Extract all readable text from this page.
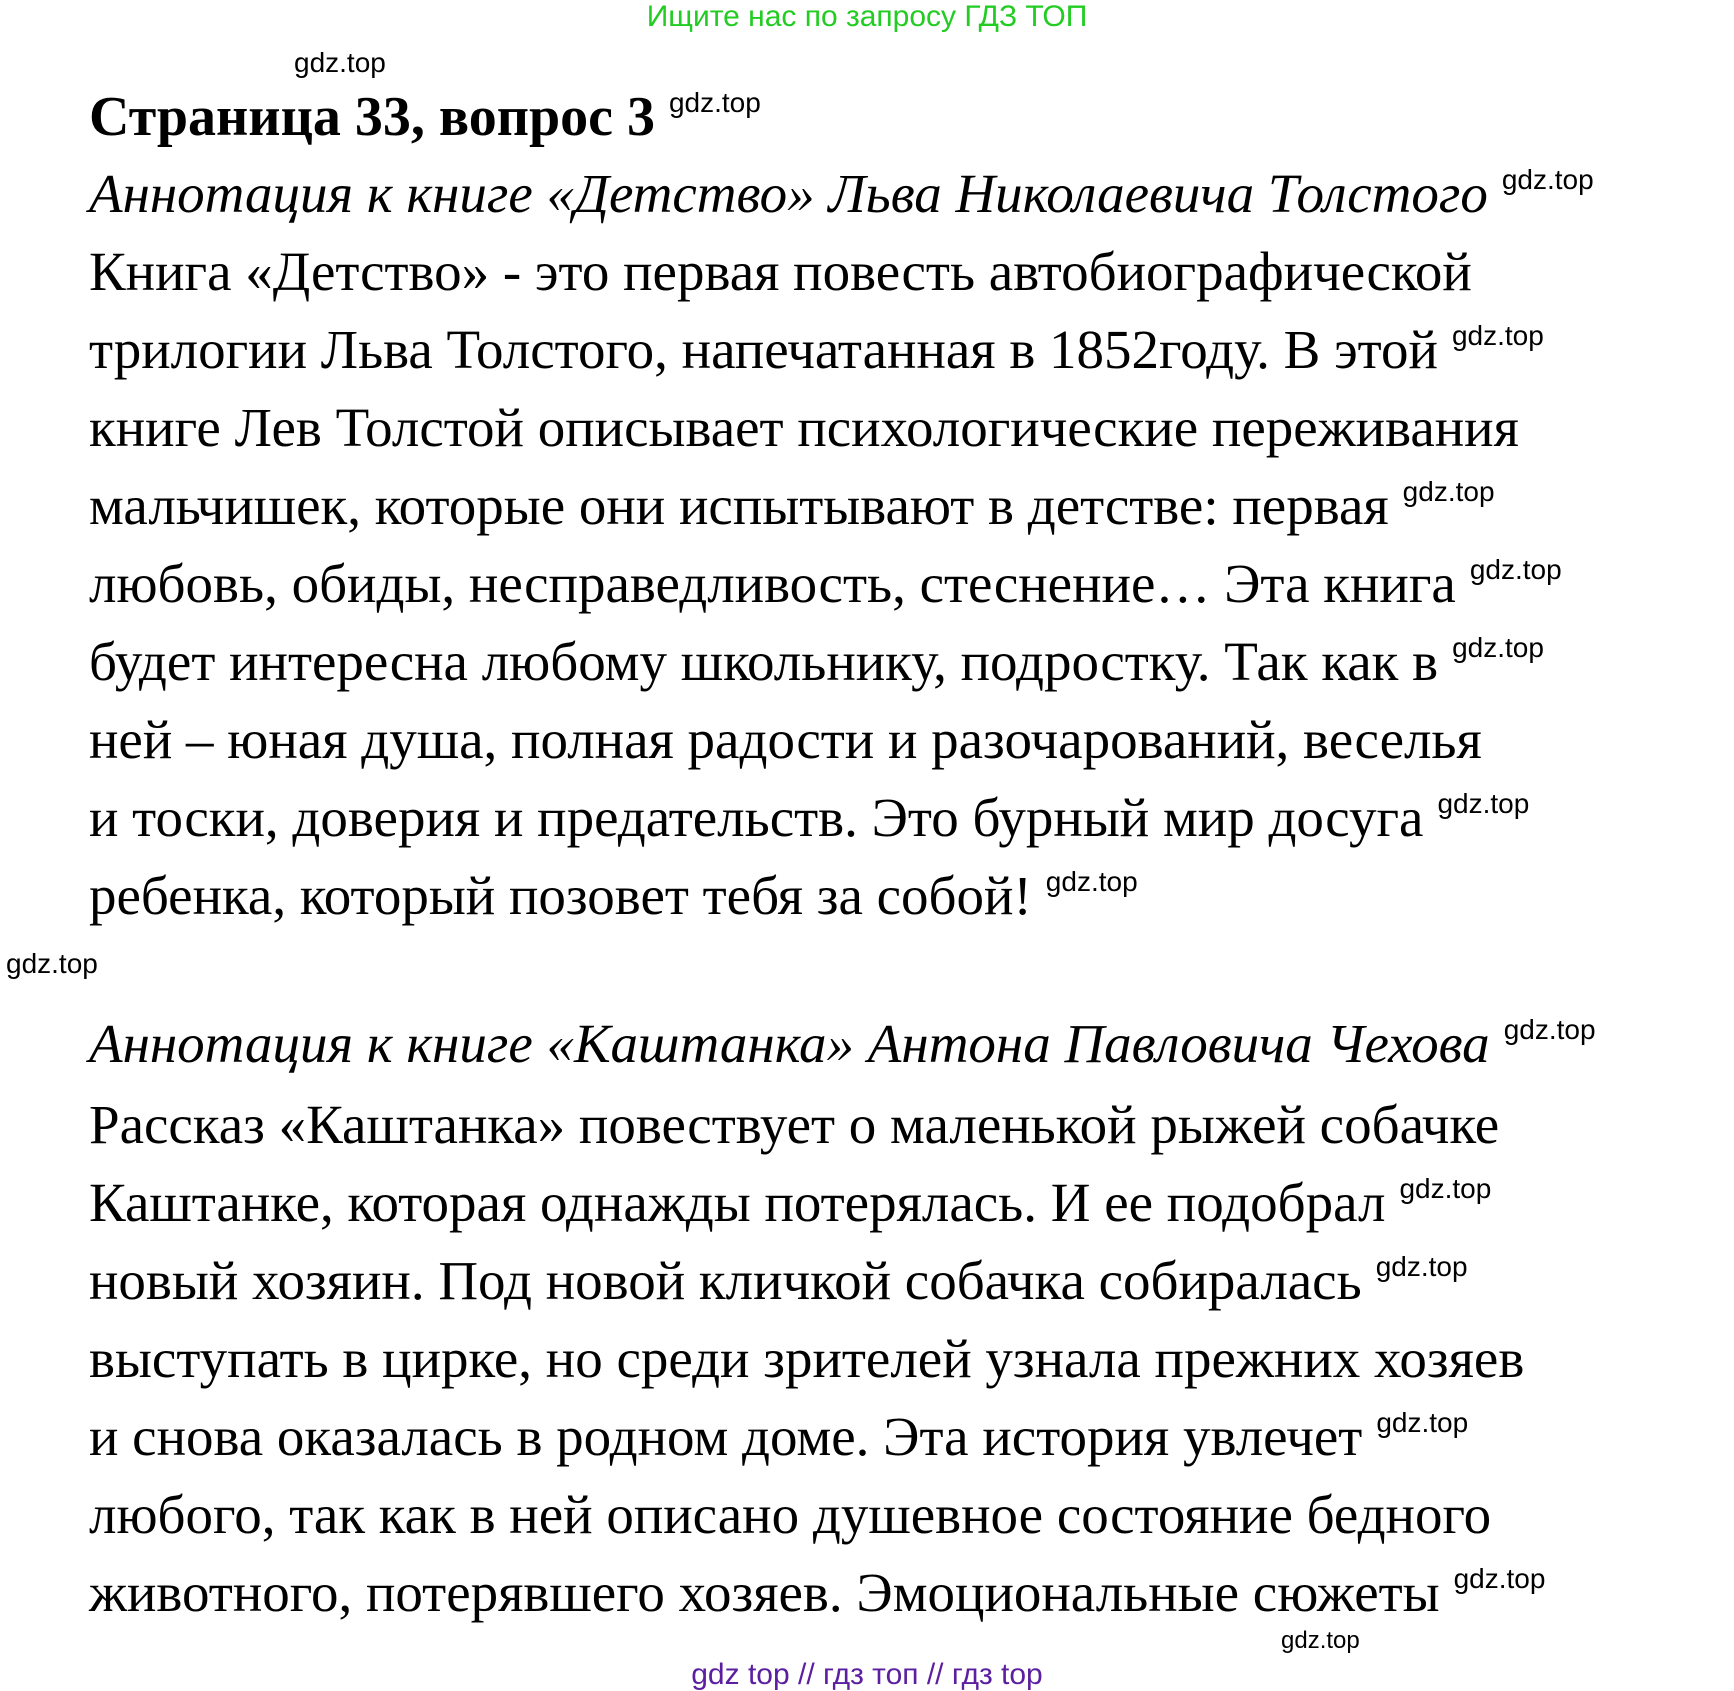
Ищите нас по запросу ГДЗ ТОП
gdz.top
Страница 33, вопрос 3 gdz.top
Аннотация к книге «Детство» Льва Николаевича Толстого gdz.top
Книга «Детство» - это первая повесть автобиографической
трилогии Льва Толстого, напечатанная в 1852году. В этой gdz.top
книге Лев Толстой описывает психологические переживания
мальчишек, которые они испытывают в детстве: первая gdz.top
любовь, обиды, несправедливость, стеснение… Эта книга gdz.top
будет интересна любому школьнику, подростку. Так как в gdz.top
ней – юная душа, полная радости и разочарований, веселья
и тоски, доверия и предательств. Это бурный мир досуга gdz.top
ребенка, который позовет тебя за собой! gdz.top
gdz.top
Аннотация к книге «Каштанка» Антона Павловича Чехова gdz.top
Рассказ «Каштанка» повествует о маленькой рыжей собачке
Каштанке, которая однажды потерялась. И ее подобрал gdz.top
новый хозяин. Под новой кличкой собачка собиралась gdz.top
выступать в цирке, но среди зрителей узнала прежних хозяев
и снова оказалась в родном доме. Эта история увлечет gdz.top
любого, так как в ней описано душевное состояние бедного
животного, потерявшего хозяев. Эмоциональные сюжеты gdz.top
gdz.top
gdz top // гдз топ // гдз top
